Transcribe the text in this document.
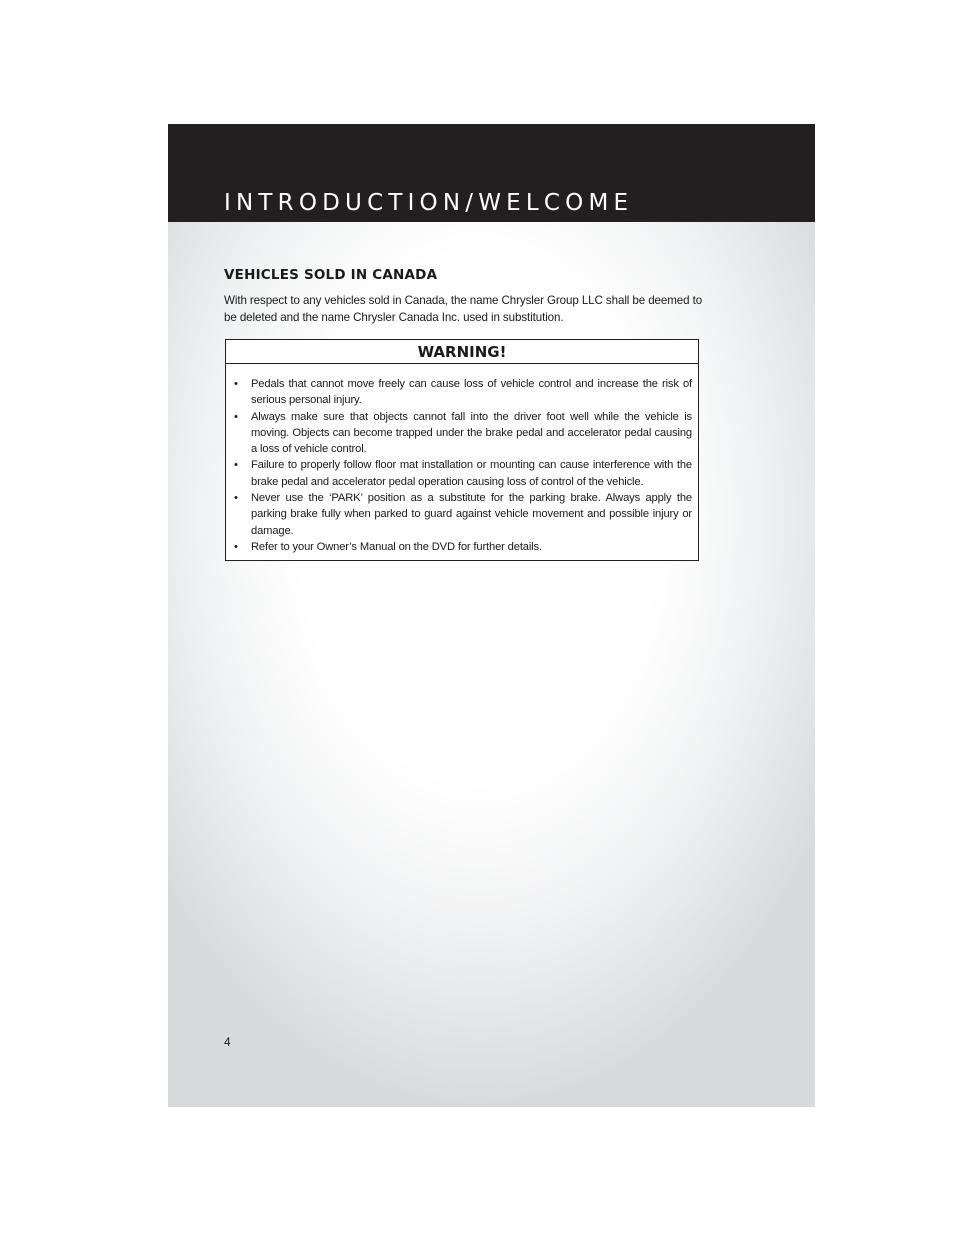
INTRODUCTION/WELCOME
VEHICLES SOLD IN CANADA

With respect to any vehicles sold in Canada, the name Chrysler Group LLC shall be deemed to be deleted and the name Chrysler Canada Inc. used in substitution.

WARNING!
• Pedals that cannot move freely can cause loss of vehicle control and increase the risk of serious personal injury.
• Always make sure that objects cannot fall into the driver foot well while the vehicle is moving. Objects can become trapped under the brake pedal and accelerator pedal causing a loss of vehicle control.
• Failure to properly follow floor mat installation or mounting can cause interference with the brake pedal and accelerator pedal operation causing loss of control of the vehicle.
• Never use the ‘PARK’ position as a substitute for the parking brake. Always apply the parking brake fully when parked to guard against vehicle movement and possible injury or damage.
• Refer to your Owner’s Manual on the DVD for further details.
4
